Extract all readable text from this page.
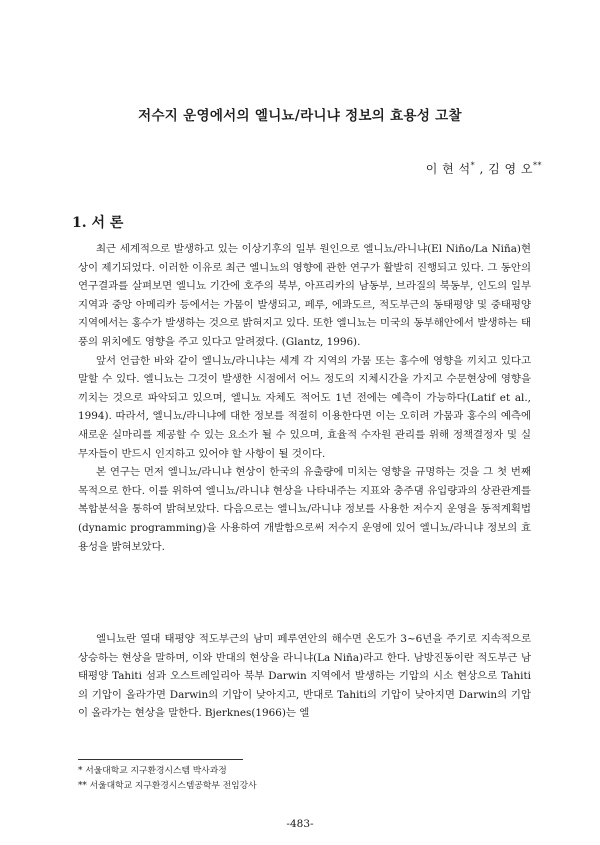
저수지 운영에서의 엘니뇨/라니냐 정보의 효용성 고찰
이 현 석* , 김 영 오**
1. 서 론

최근 세계적으로 발생하고 있는 이상기후의 일부 원인으로 엘니뇨/라니냐(El Niño/La Niña)현상이 제기되었다. 이러한 이유로 최근 엘니뇨의 영향에 관한 연구가 활발히 진행되고 있다. 그 동안의 연구결과를 살펴보면 엘니뇨 기간에 호주의 북부, 아프리카의 남동부, 브라질의 북동부, 인도의 일부 지역과 중앙 아메리카 등에서는 가뭄이 발생되고, 페루, 에콰도르, 적도부근의 동태평양 및 중태평양 지역에서는 홍수가 발생하는 것으로 밝혀지고 있다. 또한 엘니뇨는 미국의 동부해안에서 발생하는 태풍의 위치에도 영향을 주고 있다고 알려졌다. (Glantz, 1996).

앞서 언급한 바와 같이 엘니뇨/라니냐는 세계 각 지역의 가뭄 또는 홍수에 영향을 끼치고 있다고 말할 수 있다. 엘니뇨는 그것이 발생한 시점에서 어느 정도의 지체시간을 가지고 수문현상에 영향을 끼치는 것으로 파악되고 있으며, 엘니뇨 자체도 적어도 1년 전에는 예측이 가능하다(Latif et al., 1994). 따라서, 엘니뇨/라니냐에 대한 정보를 적절히 이용한다면 이는 오히려 가뭄과 홍수의 예측에 새로운 실마리를 제공할 수 있는 요소가 될 수 있으며, 효율적 수자원 관리를 위해 정책결정자 및 실무자들이 반드시 인지하고 있어야 할 사항이 될 것이다.

본 연구는 먼저 엘니뇨/라니냐 현상이 한국의 유출량에 미치는 영향을 규명하는 것을 그 첫 번째 목적으로 한다. 이를 위하여 엘니뇨/라니냐 현상을 나타내주는 지표와 충주댐 유입량과의 상관관계를 복합분석을 통하여 밝혀보았다. 다음으로는 엘니뇨/라니냐 정보를 사용한 저수지 운영을 동적계획법(dynamic programming)을 사용하여 개발함으로써 저수지 운영에 있어 엘니뇨/라니냐 정보의 효용성을 밝혀보았다.

엘니뇨란 열대 태평양 적도부근의 남미 페루연안의 해수면 온도가 3~6년을 주기로 지속적으로 상승하는 현상을 말하며, 이와 반대의 현상을 라니냐(La Niña)라고 한다. 남방진동이란 적도부근 남태평양 Tahiti 섬과 오스트레일리아 북부 Darwin 지역에서 발생하는 기압의 시소 현상으로 Tahiti의 기압이 올라가면 Darwin의 기압이 낮아지고, 반대로 Tahiti의 기압이 낮아지면 Darwin의 기압이 올라가는 현상을 말한다. Bjerknes(1966)는 엘

* 서울대학교 지구환경시스템 박사과정
** 서울대학교 지구환경시스템공학부 전임강사
-483-
